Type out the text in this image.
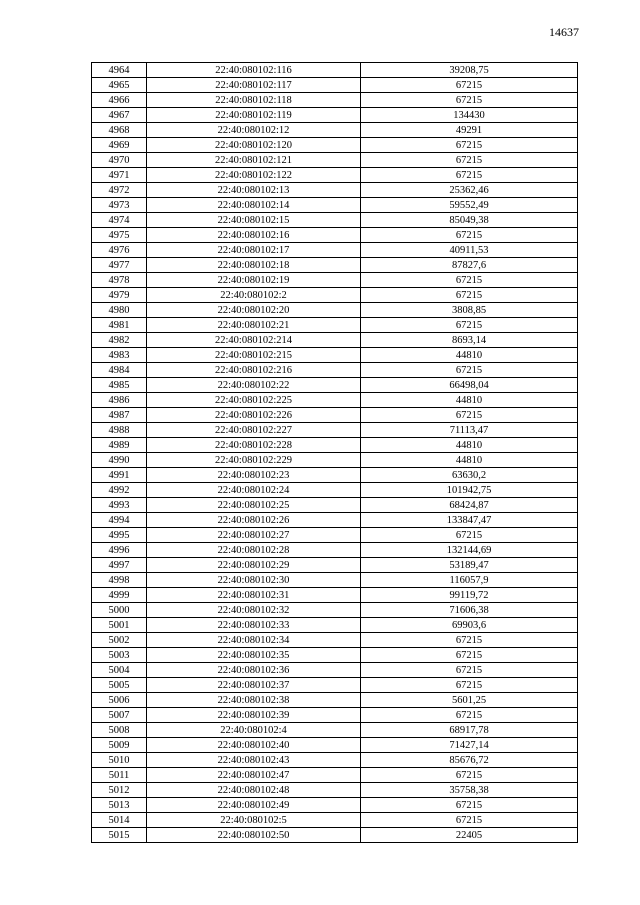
14637
4964	22:40:080102:116	39208,75
4965	22:40:080102:117	67215
4966	22:40:080102:118	67215
4967	22:40:080102:119	134430
4968	22:40:080102:12	49291
4969	22:40:080102:120	67215
4970	22:40:080102:121	67215
4971	22:40:080102:122	67215
4972	22:40:080102:13	25362,46
4973	22:40:080102:14	59552,49
4974	22:40:080102:15	85049,38
4975	22:40:080102:16	67215
4976	22:40:080102:17	40911,53
4977	22:40:080102:18	87827,6
4978	22:40:080102:19	67215
4979	22:40:080102:2	67215
4980	22:40:080102:20	3808,85
4981	22:40:080102:21	67215
4982	22:40:080102:214	8693,14
4983	22:40:080102:215	44810
4984	22:40:080102:216	67215
4985	22:40:080102:22	66498,04
4986	22:40:080102:225	44810
4987	22:40:080102:226	67215
4988	22:40:080102:227	71113,47
4989	22:40:080102:228	44810
4990	22:40:080102:229	44810
4991	22:40:080102:23	63630,2
4992	22:40:080102:24	101942,75
4993	22:40:080102:25	68424,87
4994	22:40:080102:26	133847,47
4995	22:40:080102:27	67215
4996	22:40:080102:28	132144,69
4997	22:40:080102:29	53189,47
4998	22:40:080102:30	116057,9
4999	22:40:080102:31	99119,72
5000	22:40:080102:32	71606,38
5001	22:40:080102:33	69903,6
5002	22:40:080102:34	67215
5003	22:40:080102:35	67215
5004	22:40:080102:36	67215
5005	22:40:080102:37	67215
5006	22:40:080102:38	5601,25
5007	22:40:080102:39	67215
5008	22:40:080102:4	68917,78
5009	22:40:080102:40	71427,14
5010	22:40:080102:43	85676,72
5011	22:40:080102:47	67215
5012	22:40:080102:48	35758,38
5013	22:40:080102:49	67215
5014	22:40:080102:5	67215
5015	22:40:080102:50	22405
